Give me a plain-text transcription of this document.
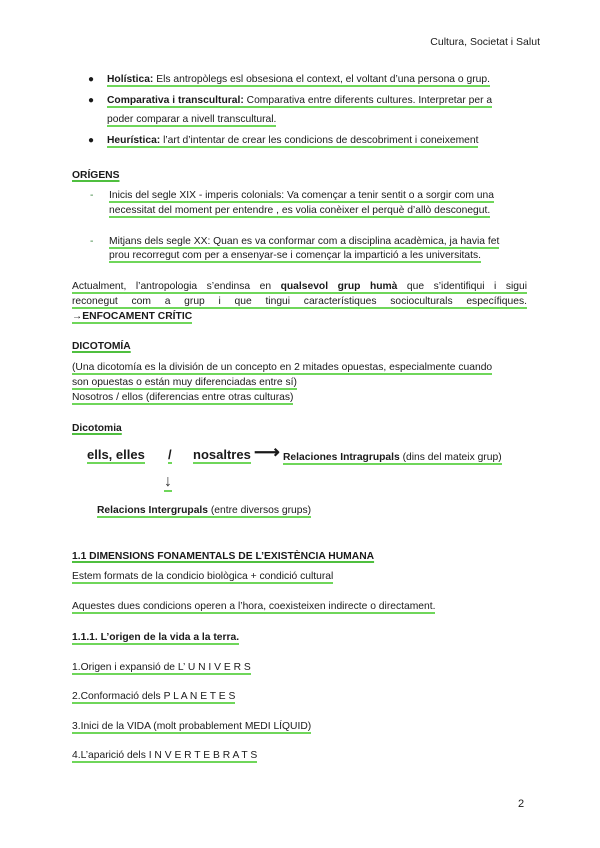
Cultura, Societat i Salut
● Holística: Els antropòlegs esl obsesiona el context, el voltant d’una persona o grup.
● Comparativa i transcultural: Comparativa entre diferents cultures. Interpretar per a
poder comparar a nivell transcultural.
● Heurística: l’art d’intentar de crear les condicions de descobriment i coneixement
ORÍGENS
- Inicis del segle XIX - imperis colonials: Va començar a tenir sentit o a sorgir com una
necessitat del moment per entendre , es volia conèixer el perquè d’allò desconegut.
- Mitjans dels segle XX: Quan es va conformar com a disciplina acadèmica, ja havia fet
prou recorregut com per a ensenyar-se i començar la impartició a les universitats.
Actualment, l’antropologia s’endinsa en qualsevol grup humà que s’identifiqui i sigui
reconegut com a grup i que tingui característiques socioculturals específiques.
→ENFOCAMENT CRÍTIC
DICOTOMÍA
(Una dicotomía es la división de un concepto en 2 mitades opuestas, especialmente cuando
son opuestas o están muy diferenciadas entre sí)
Nosotros / ellos (diferencias entre otras culturas)
Dicotomia
ells, elles / nosaltres ⟶ Relaciones Intragrupals (dins del mateix grup)
↓
Relacions Intergrupals (entre diversos grups)
1.1 DIMENSIONS FONAMENTALS DE L’EXISTÈNCIA HUMANA
Estem formats de la condicio biològica + condició cultural
Aquestes dues condicions operen a l’hora, coexisteixen indirecte o directament.
1.1.1. L’origen de la vida a la terra.
1.Origen i expansió de L’ U N I V E R S
2.Conformació dels P L A N E T E S
3.Inici de la VIDA (molt probablement MEDI LÍQUID)
4.L’aparició dels I N V E R T E B R A T S
2
